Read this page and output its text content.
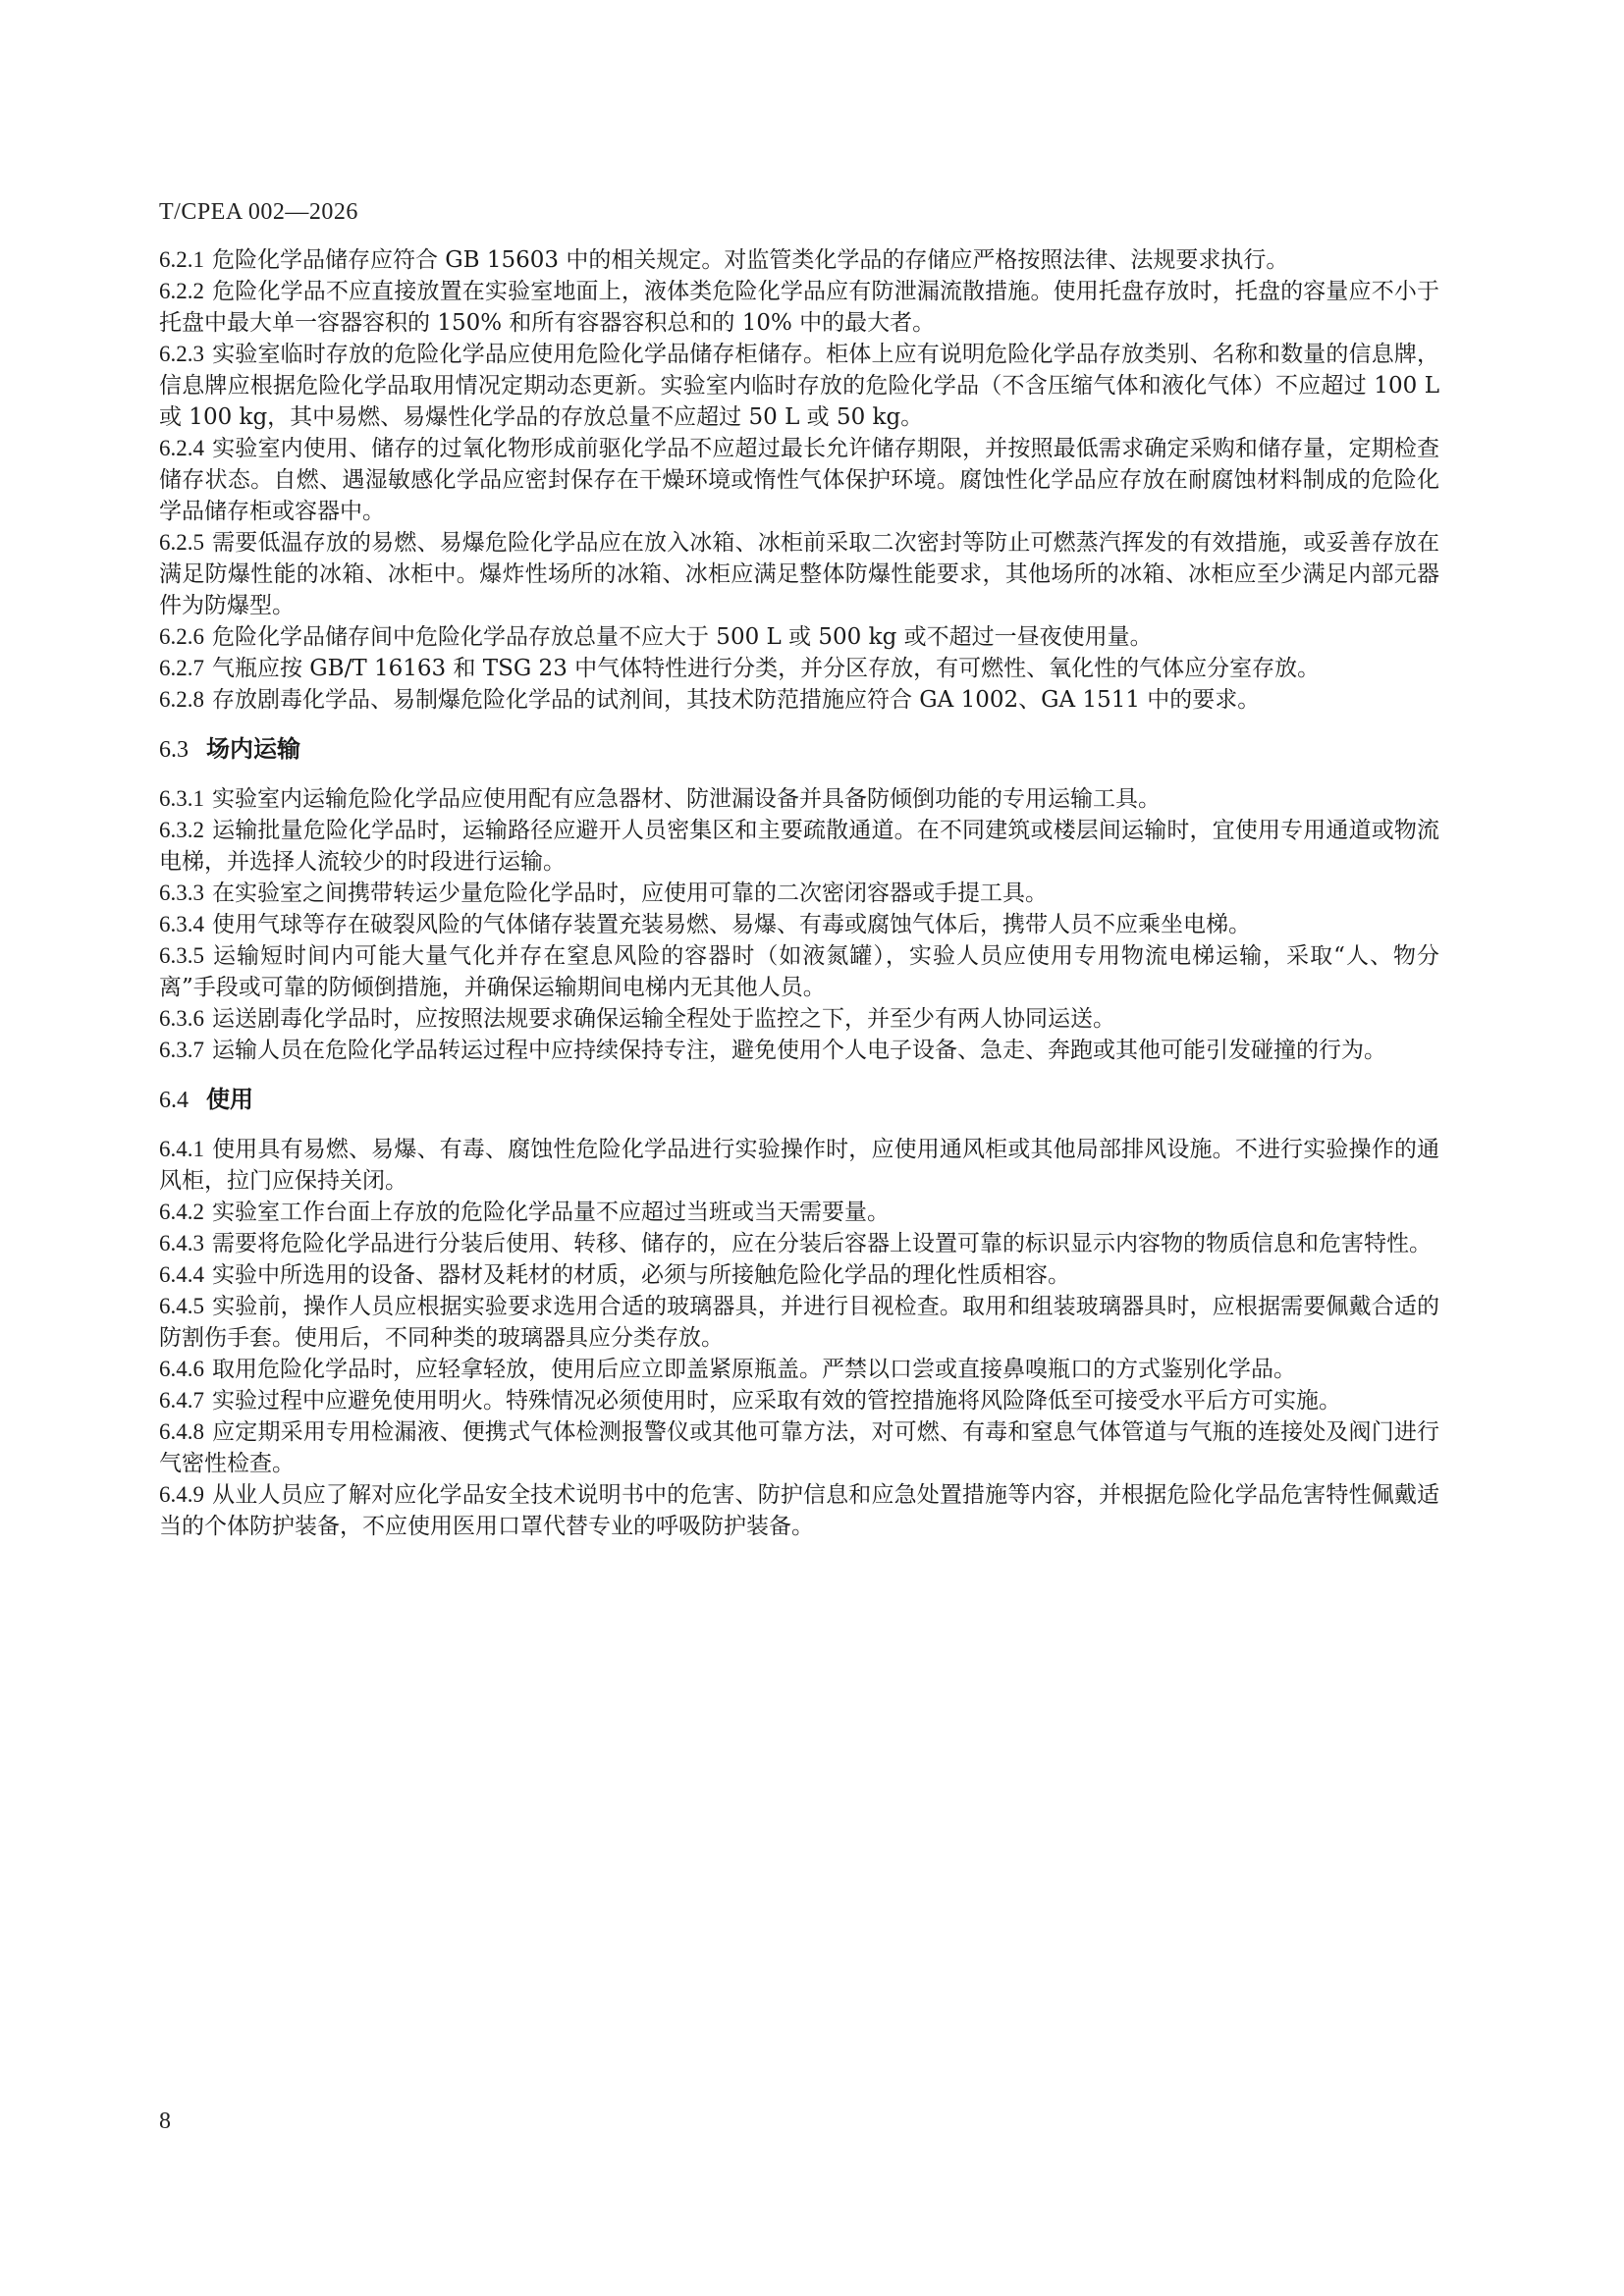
T/CPEA 002—2026

6.2.1 危险化学品储存应符合 GB 15603 中的相关规定。对监管类化学品的存储应严格按照法律、法规要求执行。

6.2.2 危险化学品不应直接放置在实验室地面上，液体类危险化学品应有防泄漏流散措施。使用托盘存放时，托盘的容量应不小于托盘中最大单一容器容积的 150% 和所有容器容积总和的 10% 中的最大者。

6.2.3 实验室临时存放的危险化学品应使用危险化学品储存柜储存。柜体上应有说明危险化学品存放类别、名称和数量的信息牌，信息牌应根据危险化学品取用情况定期动态更新。实验室内临时存放的危险化学品（不含压缩气体和液化气体）不应超过 100 L 或 100 kg，其中易燃、易爆性化学品的存放总量不应超过 50 L 或 50 kg。

6.2.4 实验室内使用、储存的过氧化物形成前驱化学品不应超过最长允许储存期限，并按照最低需求确定采购和储存量，定期检查储存状态。自燃、遇湿敏感化学品应密封保存在干燥环境或惰性气体保护环境。腐蚀性化学品应存放在耐腐蚀材料制成的危险化学品储存柜或容器中。

6.2.5 需要低温存放的易燃、易爆危险化学品应在放入冰箱、冰柜前采取二次密封等防止可燃蒸汽挥发的有效措施，或妥善存放在满足防爆性能的冰箱、冰柜中。爆炸性场所的冰箱、冰柜应满足整体防爆性能要求，其他场所的冰箱、冰柜应至少满足内部元器件为防爆型。

6.2.6 危险化学品储存间中危险化学品存放总量不应大于 500 L 或 500 kg 或不超过一昼夜使用量。

6.2.7 气瓶应按 GB/T 16163 和 TSG 23 中气体特性进行分类，并分区存放，有可燃性、氧化性的气体应分室存放。

6.2.8 存放剧毒化学品、易制爆危险化学品的试剂间，其技术防范措施应符合 GA 1002、GA 1511 中的要求。

6.3 场内运输

6.3.1 实验室内运输危险化学品应使用配有应急器材、防泄漏设备并具备防倾倒功能的专用运输工具。

6.3.2 运输批量危险化学品时，运输路径应避开人员密集区和主要疏散通道。在不同建筑或楼层间运输时，宜使用专用通道或物流电梯，并选择人流较少的时段进行运输。

6.3.3 在实验室之间携带转运少量危险化学品时，应使用可靠的二次密闭容器或手提工具。

6.3.4 使用气球等存在破裂风险的气体储存装置充装易燃、易爆、有毒或腐蚀气体后，携带人员不应乘坐电梯。

6.3.5 运输短时间内可能大量气化并存在窒息风险的容器时（如液氮罐），实验人员应使用专用物流电梯运输，采取“人、物分离”手段或可靠的防倾倒措施，并确保运输期间电梯内无其他人员。

6.3.6 运送剧毒化学品时，应按照法规要求确保运输全程处于监控之下，并至少有两人协同运送。

6.3.7 运输人员在危险化学品转运过程中应持续保持专注，避免使用个人电子设备、急走、奔跑或其他可能引发碰撞的行为。

6.4 使用

6.4.1 使用具有易燃、易爆、有毒、腐蚀性危险化学品进行实验操作时，应使用通风柜或其他局部排风设施。不进行实验操作的通风柜，拉门应保持关闭。

6.4.2 实验室工作台面上存放的危险化学品量不应超过当班或当天需要量。

6.4.3 需要将危险化学品进行分装后使用、转移、储存的，应在分装后容器上设置可靠的标识显示内容物的物质信息和危害特性。

6.4.4 实验中所选用的设备、器材及耗材的材质，必须与所接触危险化学品的理化性质相容。

6.4.5 实验前，操作人员应根据实验要求选用合适的玻璃器具，并进行目视检查。取用和组装玻璃器具时，应根据需要佩戴合适的防割伤手套。使用后，不同种类的玻璃器具应分类存放。

6.4.6 取用危险化学品时，应轻拿轻放，使用后应立即盖紧原瓶盖。严禁以口尝或直接鼻嗅瓶口的方式鉴别化学品。

6.4.7 实验过程中应避免使用明火。特殊情况必须使用时，应采取有效的管控措施将风险降低至可接受水平后方可实施。

6.4.8 应定期采用专用检漏液、便携式气体检测报警仪或其他可靠方法，对可燃、有毒和窒息气体管道与气瓶的连接处及阀门进行气密性检查。

6.4.9 从业人员应了解对应化学品安全技术说明书中的危害、防护信息和应急处置措施等内容，并根据危险化学品危害特性佩戴适当的个体防护装备，不应使用医用口罩代替专业的呼吸防护装备。

8
